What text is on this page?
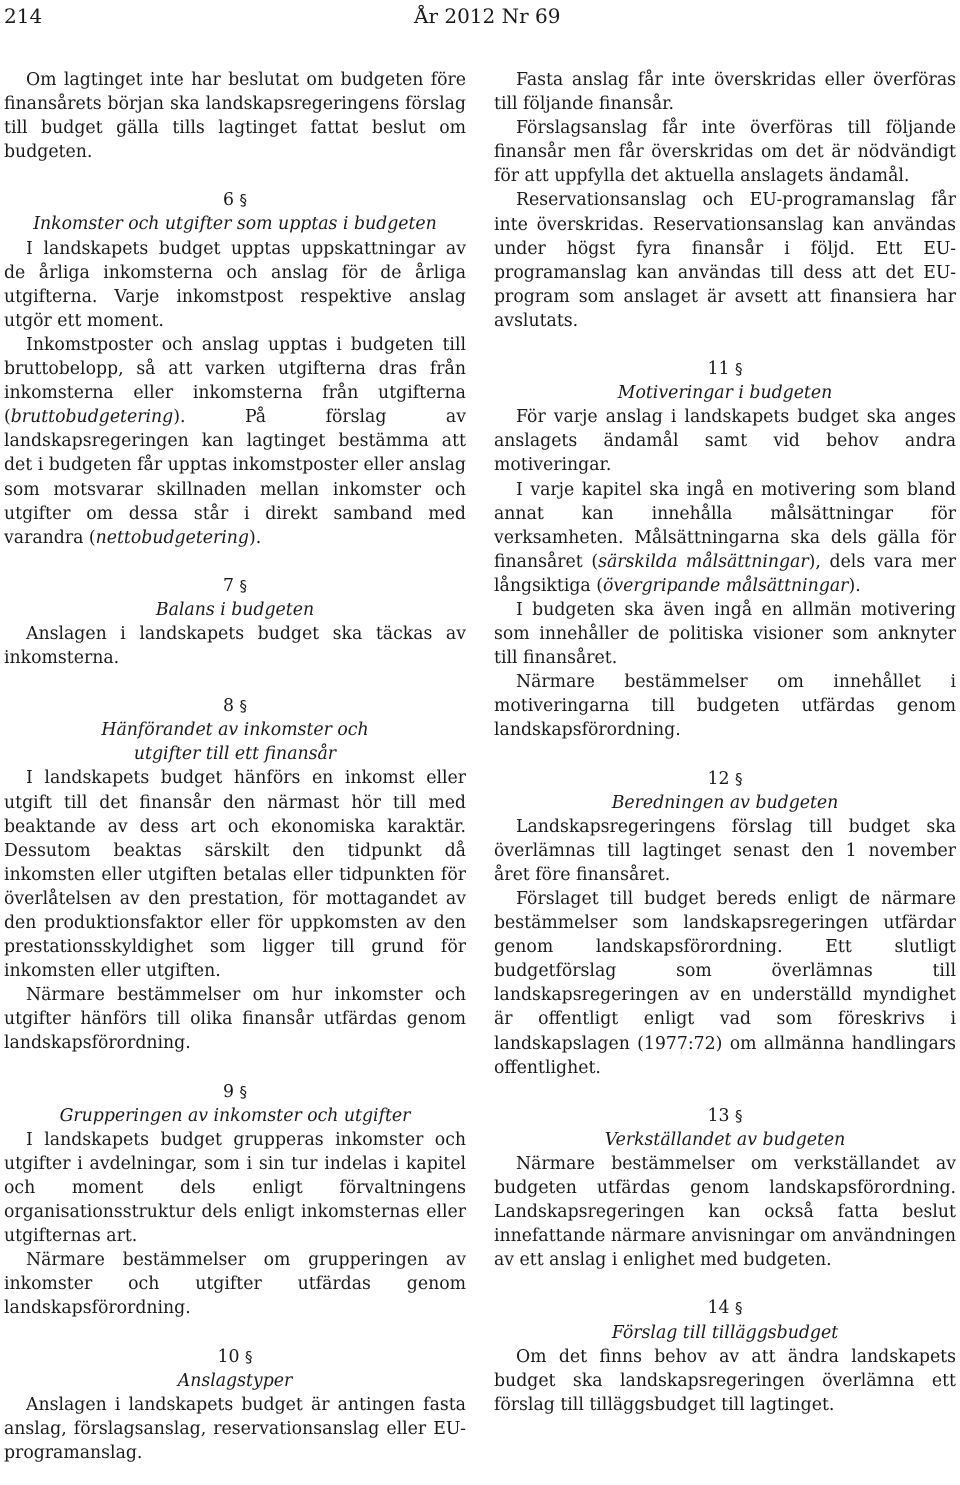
214	År 2012 Nr 69

Om lagtinget inte har beslutat om budgeten före finansårets början ska landskapsregeringens förslag till budget gälla tills lagtinget fattat beslut om budgeten.

6 §
Inkomster och utgifter som upptas i budgeten

I landskapets budget upptas uppskattningar av de årliga inkomsterna och anslag för de årliga utgifterna. Varje inkomstpost respektive anslag utgör ett moment.

Inkomstposter och anslag upptas i budgeten till bruttobelopp, så att varken utgifterna dras från inkomsterna eller inkomsterna från utgifterna (bruttobudgetering). På förslag av landskapsregeringen kan lagtinget bestämma att det i budgeten får upptas inkomstposter eller anslag som motsvarar skillnaden mellan inkomster och utgifter om dessa står i direkt samband med varandra (nettobudgetering).

7 §
Balans i budgeten

Anslagen i landskapets budget ska täckas av inkomsterna.

8 §
Hänförandet av inkomster och
utgifter till ett finansår

I landskapets budget hänförs en inkomst eller utgift till det finansår den närmast hör till med beaktande av dess art och ekonomiska karaktär. Dessutom beaktas särskilt den tidpunkt då inkomsten eller utgiften betalas eller tidpunkten för överlåtelsen av den prestation, för mottagandet av den produktionsfaktor eller för uppkomsten av den prestationsskyldighet som ligger till grund för inkomsten eller utgiften.

Närmare bestämmelser om hur inkomster och utgifter hänförs till olika finansår utfärdas genom landskapsförordning.

9 §
Grupperingen av inkomster och utgifter

I landskapets budget grupperas inkomster och utgifter i avdelningar, som i sin tur indelas i kapitel och moment dels enligt förvaltningens organisationsstruktur dels enligt inkomsternas eller utgifternas art.

Närmare bestämmelser om grupperingen av inkomster och utgifter utfärdas genom landskapsförordning.

10 §
Anslagstyper

Anslagen i landskapets budget är antingen fasta anslag, förslagsanslag, reservationsanslag eller EU-programanslag.

Fasta anslag får inte överskridas eller överföras till följande finansår.

Förslagsanslag får inte överföras till följande finansår men får överskridas om det är nödvändigt för att uppfylla det aktuella anslagets ändamål.

Reservationsanslag och EU-programanslag får inte överskridas. Reservationsanslag kan användas under högst fyra finansår i följd. Ett EU-programanslag kan användas till dess att det EU-program som anslaget är avsett att finansiera har avslutats.

11 §
Motiveringar i budgeten

För varje anslag i landskapets budget ska anges anslagets ändamål samt vid behov andra motiveringar.

I varje kapitel ska ingå en motivering som bland annat kan innehålla målsättningar för verksamheten. Målsättningarna ska dels gälla för finansåret (särskilda målsättningar), dels vara mer långsiktiga (övergripande målsättningar).

I budgeten ska även ingå en allmän motivering som innehåller de politiska visioner som anknyter till finansåret.

Närmare bestämmelser om innehållet i motiveringarna till budgeten utfärdas genom landskapsförordning.

12 §
Beredningen av budgeten

Landskapsregeringens förslag till budget ska överlämnas till lagtinget senast den 1 november året före finansåret.

Förslaget till budget bereds enligt de närmare bestämmelser som landskapsregeringen utfärdar genom landskapsförordning. Ett slutligt budgetförslag som överlämnas till landskapsregeringen av en underställd myndighet är offentligt enligt vad som föreskrivs i landskapslagen (1977:72) om allmänna handlingars offentlighet.

13 §
Verkställandet av budgeten

Närmare bestämmelser om verkställandet av budgeten utfärdas genom landskapsförordning. Landskapsregeringen kan också fatta beslut innefattande närmare anvisningar om användningen av ett anslag i enlighet med budgeten.

14 §
Förslag till tilläggsbudget

Om det finns behov av att ändra landskapets budget ska landskapsregeringen överlämna ett förslag till tilläggsbudget till lagtinget.
